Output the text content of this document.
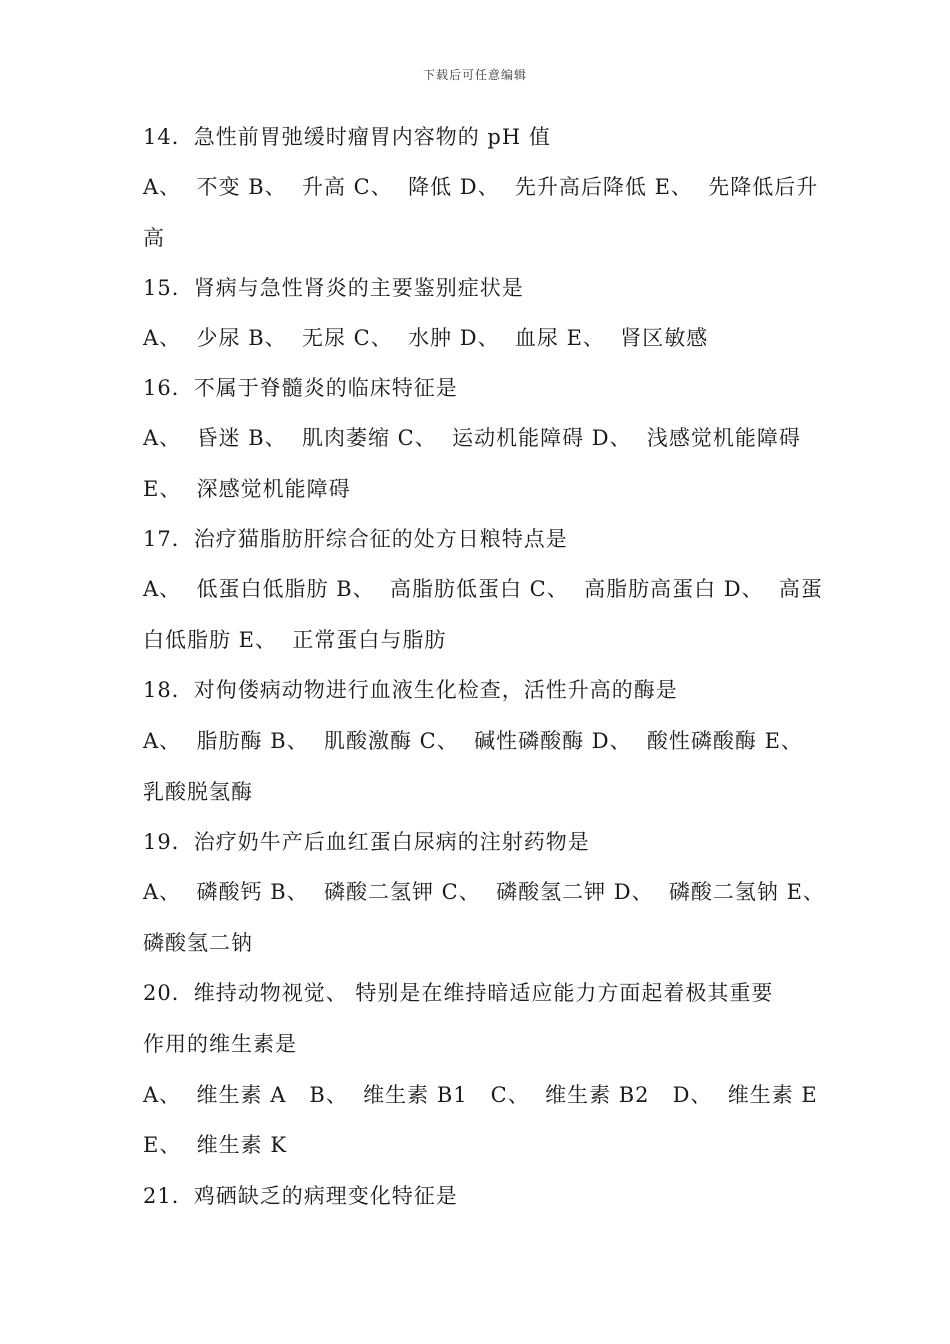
下载后可任意编辑
14．急性前胃弛缓时瘤胃内容物的 pH 值
A、  不变 B、  升高 C、  降低 D、  先升高后降低 E、  先降低后升
高
15．肾病与急性肾炎的主要鉴别症状是
A、  少尿 B、  无尿 C、  水肿 D、  血尿 E、  肾区敏感
16．不属于脊髓炎的临床特征是
A、  昏迷 B、  肌肉萎缩 C、  运动机能障碍 D、  浅感觉机能障碍
E、  深感觉机能障碍
17．治疗猫脂肪肝综合征的处方日粮特点是
A、  低蛋白低脂肪 B、  高脂肪低蛋白 C、  高脂肪高蛋白 D、  高蛋
白低脂肪 E、  正常蛋白与脂肪
18．对佝偻病动物进行血液生化检查，活性升高的酶是
A、  脂肪酶 B、  肌酸激酶 C、  碱性磷酸酶 D、  酸性磷酸酶 E、
乳酸脱氢酶
19．治疗奶牛产后血红蛋白尿病的注射药物是
A、  磷酸钙 B、  磷酸二氢钾 C、  磷酸氢二钾 D、  磷酸二氢钠 E、
磷酸氢二钠
20．维持动物视觉、 特别是在维持暗适应能力方面起着极其重要
作用的维生素是
A、  维生素 A   B、  维生素 B1   C、  维生素 B2   D、  维生素 E
E、  维生素 K
21．鸡硒缺乏的病理变化特征是
